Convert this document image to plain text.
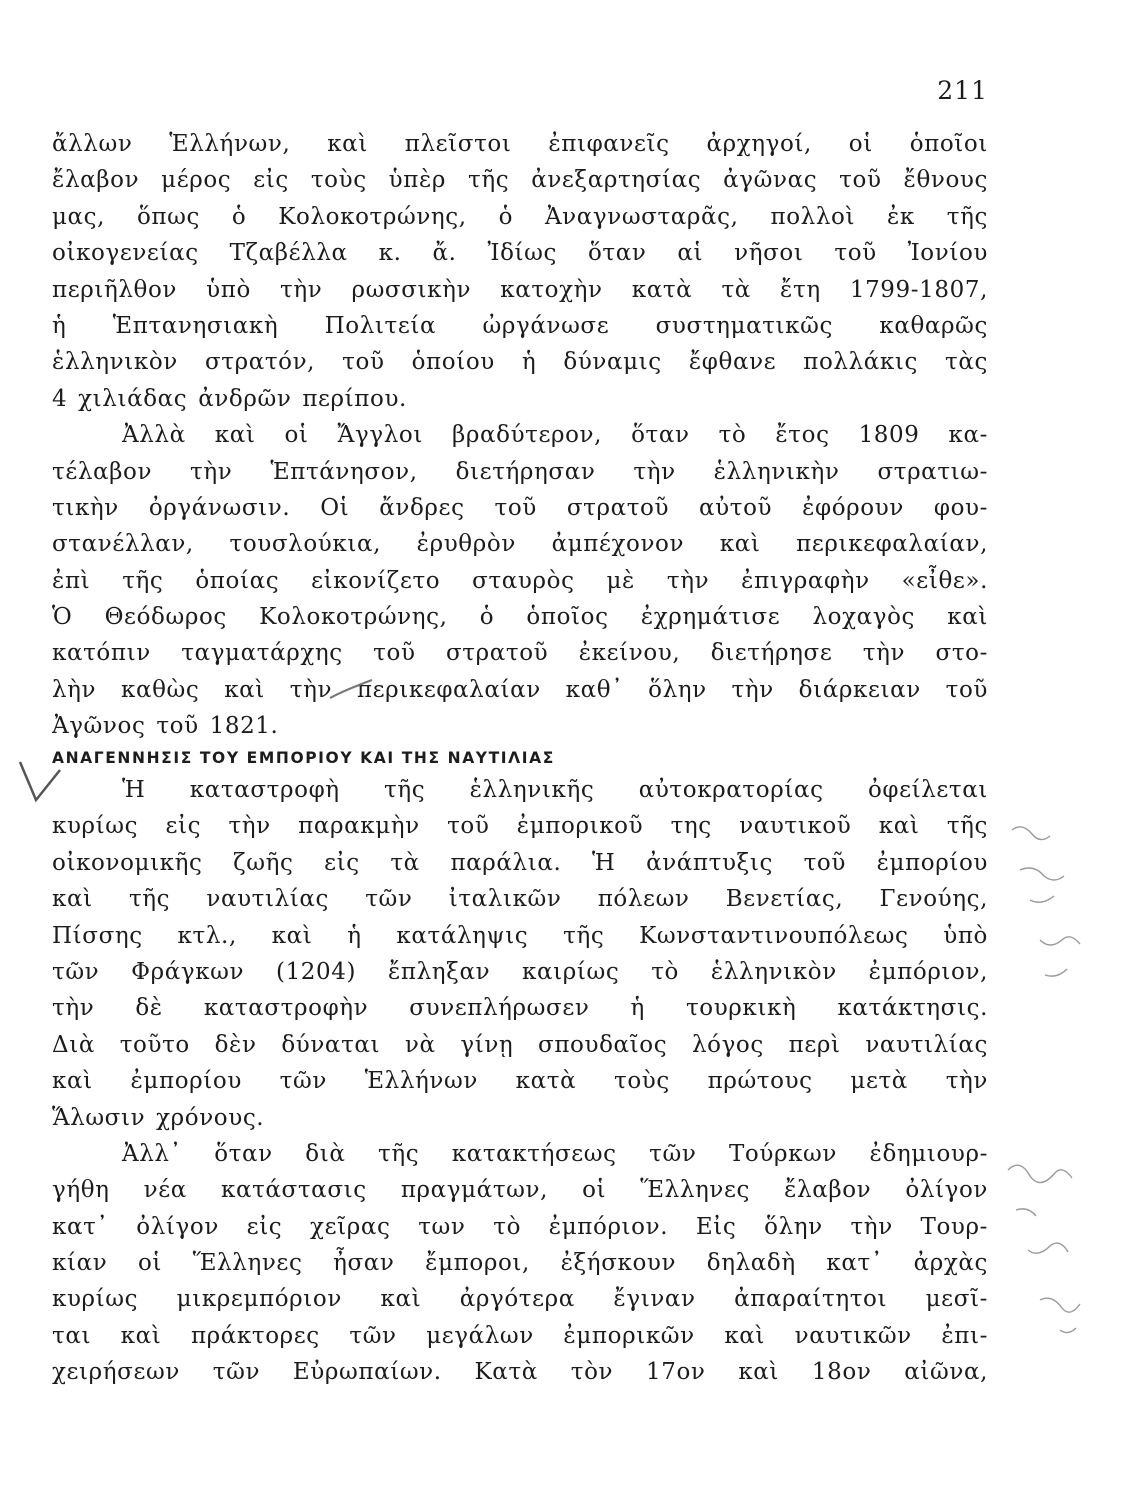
211
ἄλλων Ἑλλήνων, καὶ πλεῖστοι ἐπιφανεῖς ἀρχηγοί, οἱ ὁποῖοι
ἔλαβον μέρος εἰς τοὺς ὑπὲρ τῆς ἀνεξαρτησίας ἀγῶνας τοῦ ἔθνους
μας, ὅπως ὁ Κολοκοτρώνης, ὁ Ἀναγνωσταρᾶς, πολλοὶ ἐκ τῆς
οἰκογενείας Τζαβέλλα κ. ἄ. Ἰδίως ὅταν αἱ νῆσοι τοῦ Ἰονίου
περιῆλθον ὑπὸ τὴν ρωσσικὴν κατοχὴν κατὰ τὰ ἔτη 1799-1807,
ἡ Ἑπτανησιακὴ Πολιτεία ὠργάνωσε συστηματικῶς καθαρῶς
ἑλληνικὸν στρατόν, τοῦ ὁποίου ἡ δύναμις ἔφθανε πολλάκις τὰς
4 χιλιάδας ἀνδρῶν περίπου.
Ἀλλὰ καὶ οἱ Ἄγγλοι βραδύτερον, ὅταν τὸ ἔτος 1809 κα-
τέλαβον τὴν Ἑπτάνησον, διετήρησαν τὴν ἑλληνικὴν στρατιω-
τικὴν ὀργάνωσιν. Οἱ ἄνδρες τοῦ στρατοῦ αὐτοῦ ἐφόρουν φου-
στανέλλαν, τουσλούκια, ἐρυθρὸν ἀμπέχονον καὶ περικεφαλαίαν,
ἐπὶ τῆς ὁποίας εἰκονίζετο σταυρὸς μὲ τὴν ἐπιγραφὴν «εἶθε».
Ὁ Θεόδωρος Κολοκοτρώνης, ὁ ὁποῖος ἐχρημάτισε λοχαγὸς καὶ
κατόπιν ταγματάρχης τοῦ στρατοῦ ἐκείνου, διετήρησε τὴν στο-
λὴν καθὼς καὶ τὴν περικεφαλαίαν καθ᾽ ὅλην τὴν διάρκειαν τοῦ
Ἀγῶνος τοῦ 1821.
ΑΝΑΓΕΝΝΗΣΙΣ ΤΟΥ ΕΜΠΟΡΙΟΥ ΚΑΙ ΤΗΣ ΝΑΥΤΙΛΙΑΣ
Ἡ καταστροφὴ τῆς ἑλληνικῆς αὐτοκρατορίας ὀφείλεται
κυρίως εἰς τὴν παρακμὴν τοῦ ἐμπορικοῦ της ναυτικοῦ καὶ τῆς
οἰκονομικῆς ζωῆς εἰς τὰ παράλια. Ἡ ἀνάπτυξις τοῦ ἐμπορίου
καὶ τῆς ναυτιλίας τῶν ἰταλικῶν πόλεων Βενετίας, Γενούης,
Πίσσης κτλ., καὶ ἡ κατάληψις τῆς Κωνσταντινουπόλεως ὑπὸ
τῶν Φράγκων (1204) ἔπληξαν καιρίως τὸ ἑλληνικὸν ἐμπόριον,
τὴν δὲ καταστροφὴν συνεπλήρωσεν ἡ τουρκικὴ κατάκτησις.
Διὰ τοῦτο δὲν δύναται νὰ γίνῃ σπουδαῖος λόγος περὶ ναυτιλίας
καὶ ἐμπορίου τῶν Ἑλλήνων κατὰ τοὺς πρώτους μετὰ τὴν
Ἅλωσιν χρόνους.
Ἀλλ᾽ ὅταν διὰ τῆς κατακτήσεως τῶν Τούρκων ἐδημιουρ-
γήθη νέα κατάστασις πραγμάτων, οἱ Ἕλληνες ἔλαβον ὀλίγον
κατ᾽ ὀλίγον εἰς χεῖρας των τὸ ἐμπόριον. Εἰς ὅλην τὴν Τουρ-
κίαν οἱ Ἕλληνες ἦσαν ἔμποροι, ἐξήσκουν δηλαδὴ κατ᾽ ἀρχὰς
κυρίως μικρεμπόριον καὶ ἀργότερα ἔγιναν ἀπαραίτητοι μεσῖ-
ται καὶ πράκτορες τῶν μεγάλων ἐμπορικῶν καὶ ναυτικῶν ἐπι-
χειρήσεων τῶν Εὐρωπαίων. Κατὰ τὸν 17ον καὶ 18ον αἰῶνα,
